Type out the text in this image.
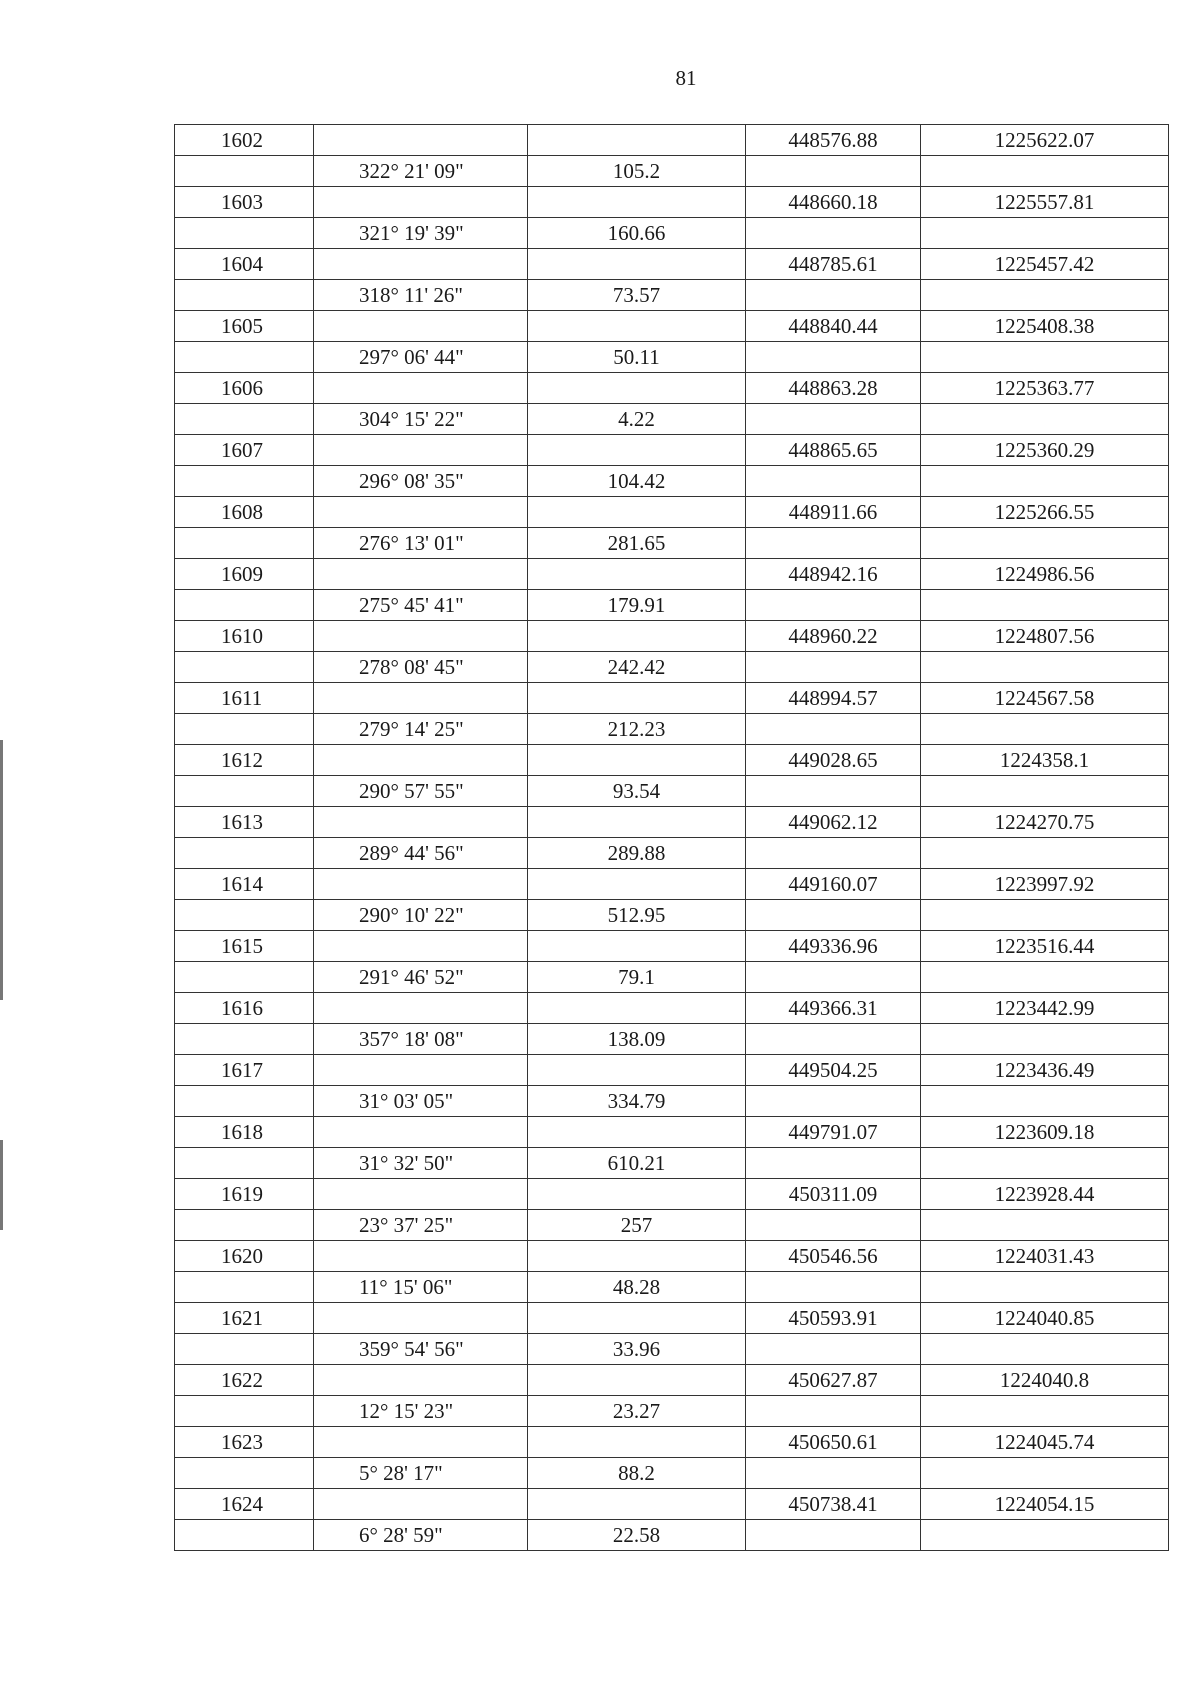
81
1602			448576.88	1225622.07
	322° 21' 09"	105.2		
1603			448660.18	1225557.81
	321° 19' 39"	160.66		
1604			448785.61	1225457.42
	318° 11' 26"	73.57		
1605			448840.44	1225408.38
	297° 06' 44"	50.11		
1606			448863.28	1225363.77
	304° 15' 22"	4.22		
1607			448865.65	1225360.29
	296° 08' 35"	104.42		
1608			448911.66	1225266.55
	276° 13' 01"	281.65		
1609			448942.16	1224986.56
	275° 45' 41"	179.91		
1610			448960.22	1224807.56
	278° 08' 45"	242.42		
1611			448994.57	1224567.58
	279° 14' 25"	212.23		
1612			449028.65	1224358.1
	290° 57' 55"	93.54		
1613			449062.12	1224270.75
	289° 44' 56"	289.88		
1614			449160.07	1223997.92
	290° 10' 22"	512.95		
1615			449336.96	1223516.44
	291° 46' 52"	79.1		
1616			449366.31	1223442.99
	357° 18' 08"	138.09		
1617			449504.25	1223436.49
	31° 03' 05"	334.79		
1618			449791.07	1223609.18
	31° 32' 50"	610.21		
1619			450311.09	1223928.44
	23° 37' 25"	257		
1620			450546.56	1224031.43
	11° 15' 06"	48.28		
1621			450593.91	1224040.85
	359° 54' 56"	33.96		
1622			450627.87	1224040.8
	12° 15' 23"	23.27		
1623			450650.61	1224045.74
	5° 28' 17"	88.2		
1624			450738.41	1224054.15
	6° 28' 59"	22.58		
